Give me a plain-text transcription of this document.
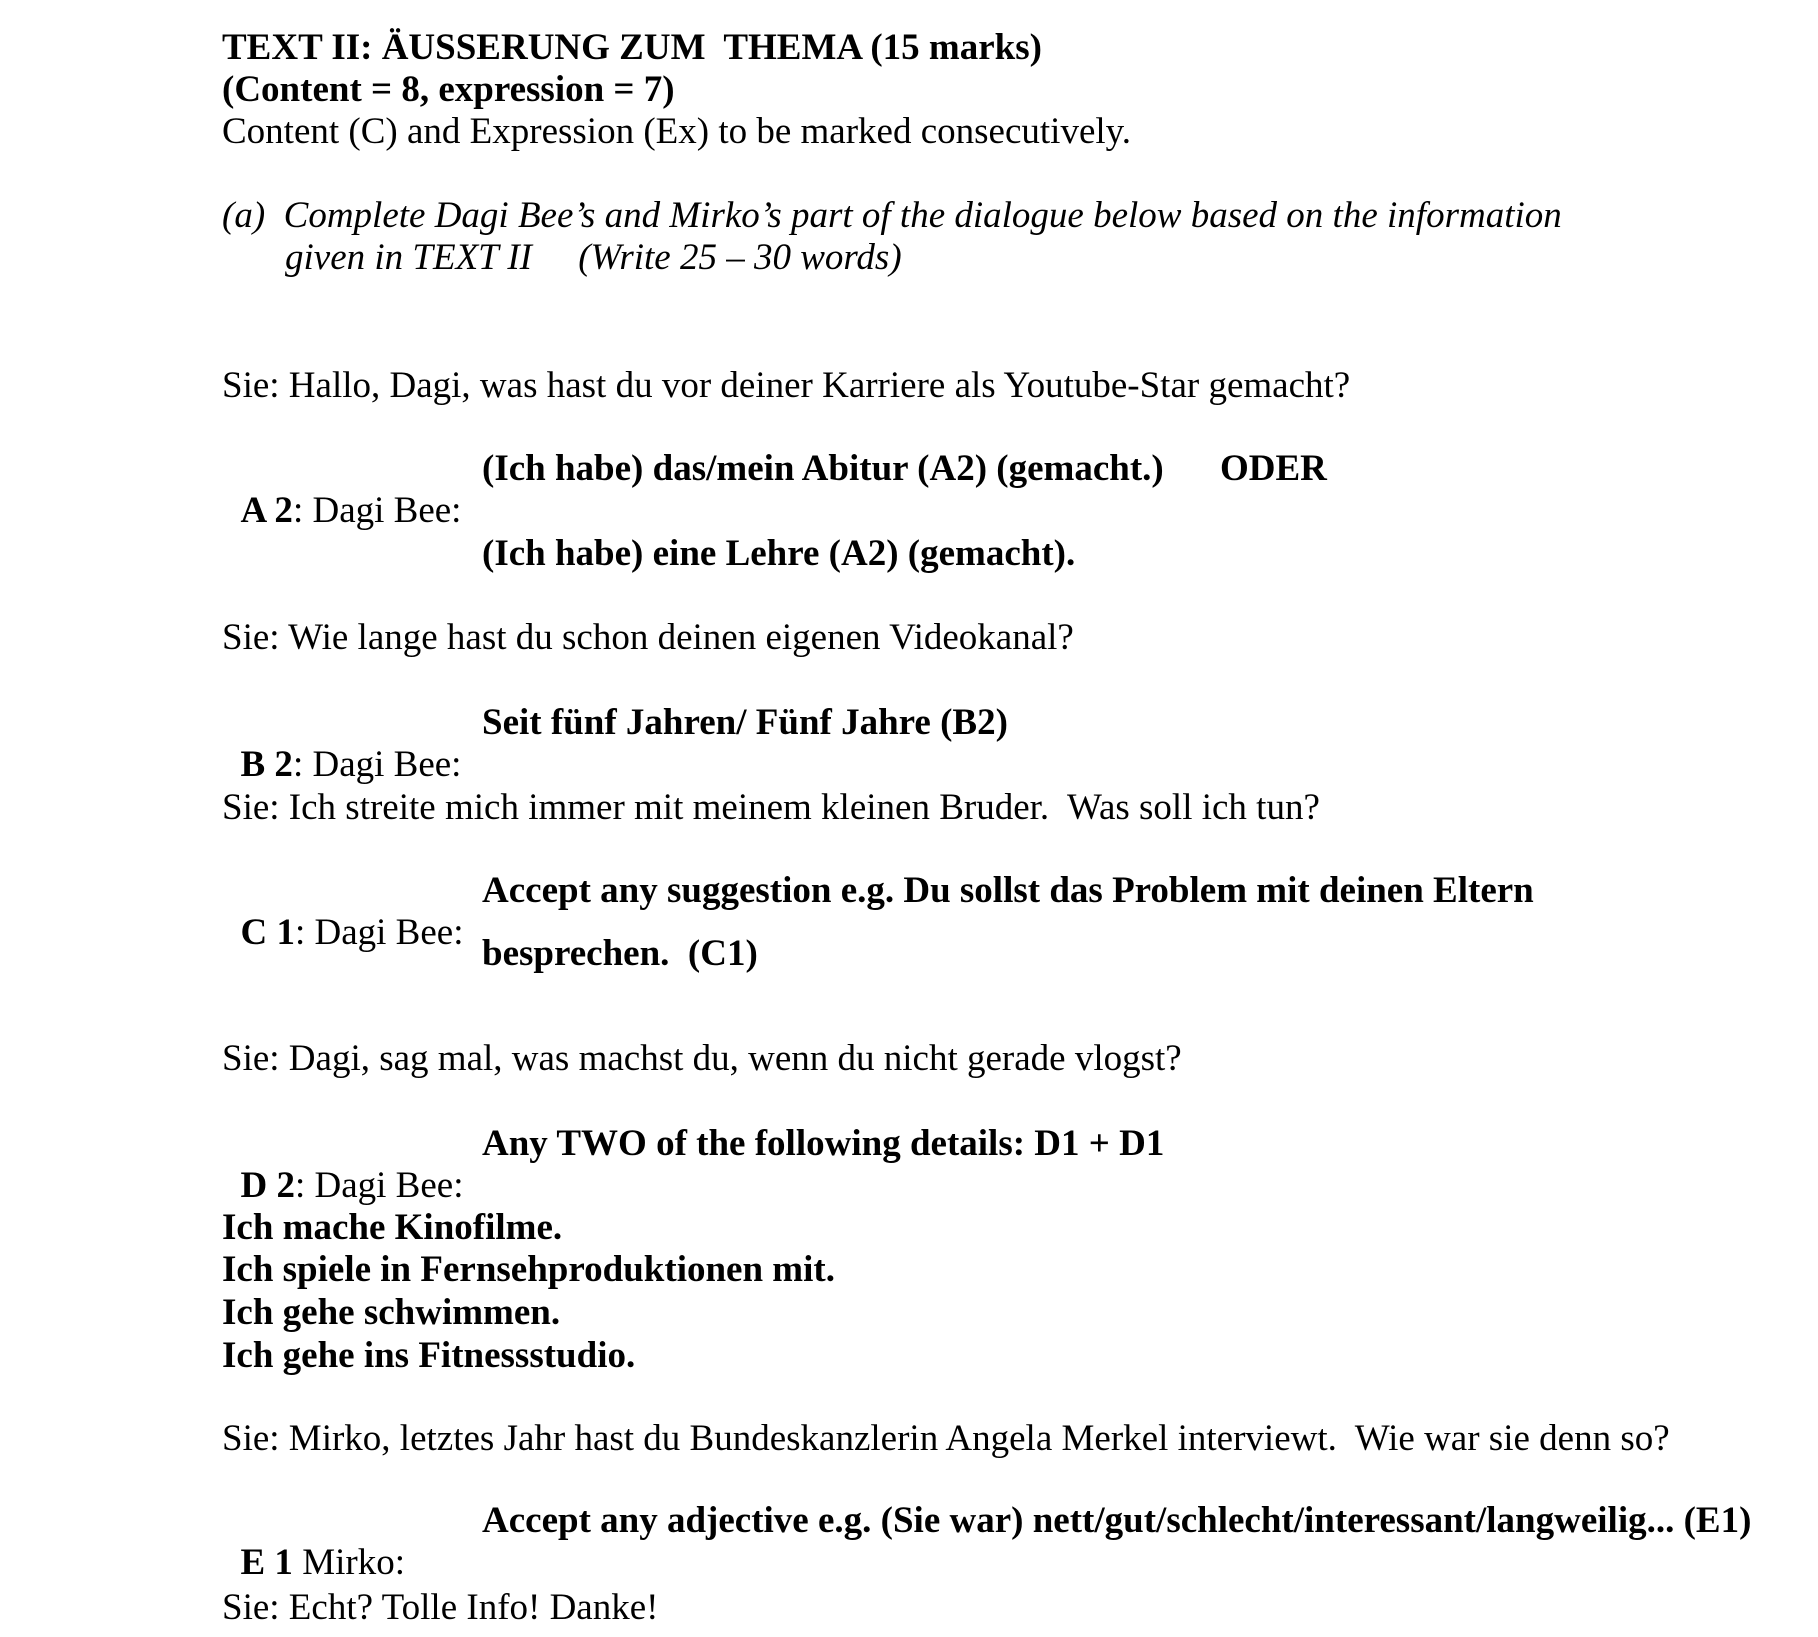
TEXT II: ÄUSSERUNG ZUM  THEMA (15 marks)
(Content = 8, expression = 7)
Content (C) and Expression (Ex) to be marked consecutively.
(a)  Complete Dagi Bee’s and Mirko’s part of the dialogue below based on the information
given in TEXT II     (Write 25 – 30 words)
Sie: Hallo, Dagi, was hast du vor deiner Karriere als Youtube-Star gemacht?

A 2: Dagi Bee:

(Ich habe) das/mein Abitur (A2) (gemacht.)

ODER

(Ich habe) eine Lehre (A2) (gemacht).
Sie: Wie lange hast du schon deinen eigenen Videokanal?

B 2: Dagi Bee:

Seit fünf Jahren/ Fünf Jahre (B2)

Sie: Ich streite mich immer mit meinem kleinen Bruder.  Was soll ich tun?

C 1: Dagi Bee:

Accept any suggestion e.g. Du sollst das Problem mit deinen Eltern

besprechen.  (C1)
Sie: Dagi, sag mal, was machst du, wenn du nicht gerade vlogst?

D 2: Dagi Bee:

Any TWO of the following details: D1 + D1

Ich mache Kinofilme.
Ich spiele in Fernsehproduktionen mit.
Ich gehe schwimmen.
Ich gehe ins Fitnessstudio.
Sie: Mirko, letztes Jahr hast du Bundeskanzlerin Angela Merkel interviewt.  Wie war sie denn so?

E 1 Mirko:

Accept any adjective e.g. (Sie war) nett/gut/schlecht/interessant/langweilig... (E1)

Sie: Echt? Tolle Info! Danke!
